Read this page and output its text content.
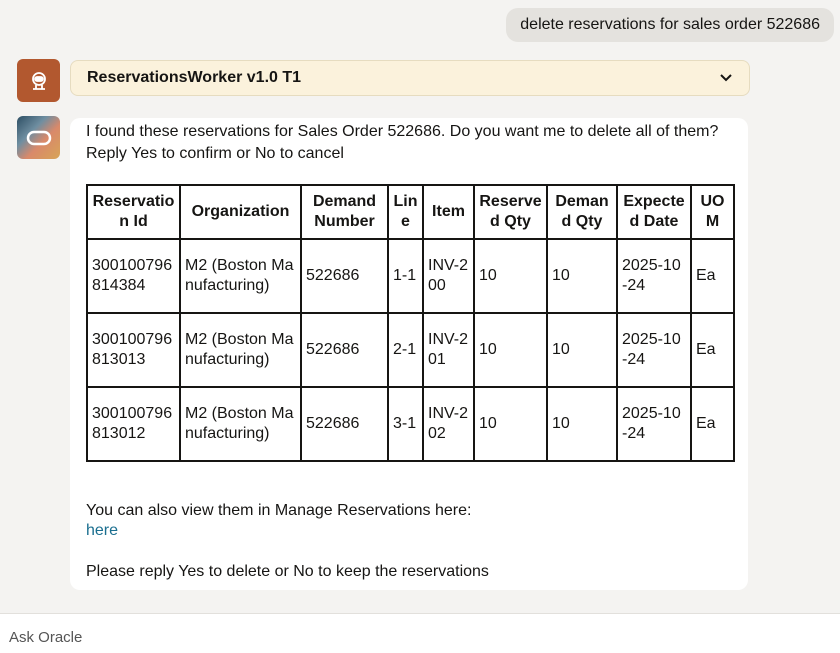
delete reservations for sales order 522686
ReservationsWorker v1.0 T1
I found these reservations for Sales Order 522686. Do you want me to delete all of them? Reply Yes to confirm or No to cancel
Reservation Id	Organization	Demand Number	Line	Item	Reserved Qty	Demand Qty	Expected Date	UOM
300100796814384	M2 (Boston Manufacturing)	522686	1-1	INV-200	10	10	2025-10-24	Ea
300100796813013	M2 (Boston Manufacturing)	522686	2-1	INV-201	10	10	2025-10-24	Ea
300100796813012	M2 (Boston Manufacturing)	522686	3-1	INV-202	10	10	2025-10-24	Ea
You can also view them in Manage Reservations here:
here
Please reply Yes to delete or No to keep the reservations
Ask Oracle
